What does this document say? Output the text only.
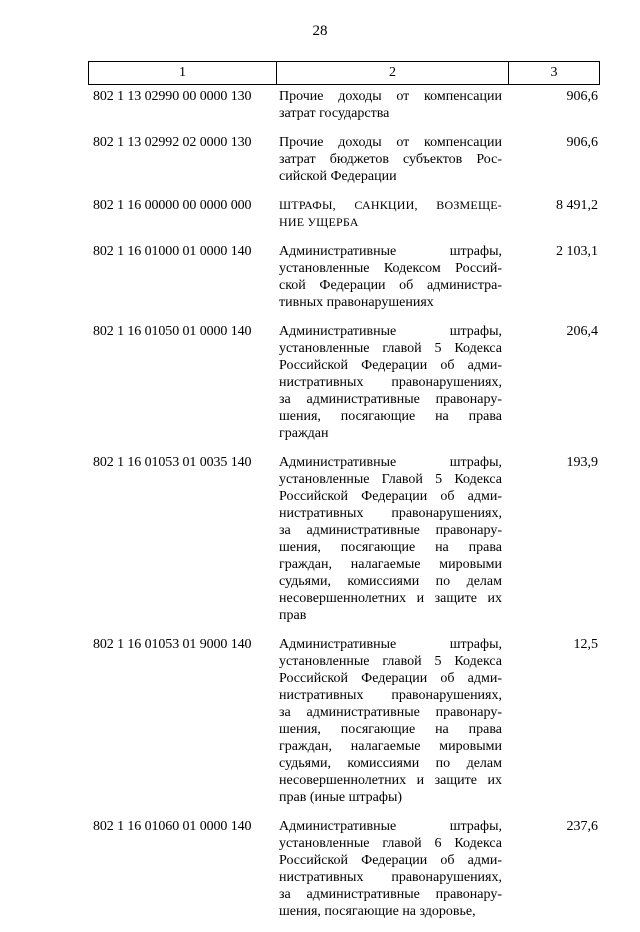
28
1	2	3
802 1 13 02990 00 0000 130	Прочие доходы от компенсации
затрат государства
906,6
802 1 13 02992 02 0000 130	Прочие доходы от компенсации
затрат бюджетов субъектов Рос-
сийской Федерации
906,6
802 1 16 00000 00 0000 000	ШТРАФЫ, САНКЦИИ, ВОЗМЕЩЕ-
НИЕ УЩЕРБА
8 491,2
802 1 16 01000 01 0000 140	Административные штрафы,
установленные Кодексом Россий-
ской Федерации об администра-
тивных правонарушениях
2 103,1
802 1 16 01050 01 0000 140	Административные штрафы,
установленные главой 5 Кодекса
Российской Федерации об адми-
нистративных правонарушениях,
за административные правонару-
шения, посягающие на права
граждан
206,4
802 1 16 01053 01 0035 140	Административные штрафы,
установленные Главой 5 Кодекса
Российской Федерации об адми-
нистративных правонарушениях,
за административные правонару-
шения, посягающие на права
граждан, налагаемые мировыми
судьями, комиссиями по делам
несовершеннолетних и защите их
прав
193,9
802 1 16 01053 01 9000 140	Административные штрафы,
установленные главой 5 Кодекса
Российской Федерации об адми-
нистративных правонарушениях,
за административные правонару-
шения, посягающие на права
граждан, налагаемые мировыми
судьями, комиссиями по делам
несовершеннолетних и защите их
прав (иные штрафы)
12,5
802 1 16 01060 01 0000 140	Административные штрафы,
установленные главой 6 Кодекса
Российской Федерации об адми-
нистративных правонарушениях,
за административные правонару-
шения, посягающие на здоровье,
237,6
